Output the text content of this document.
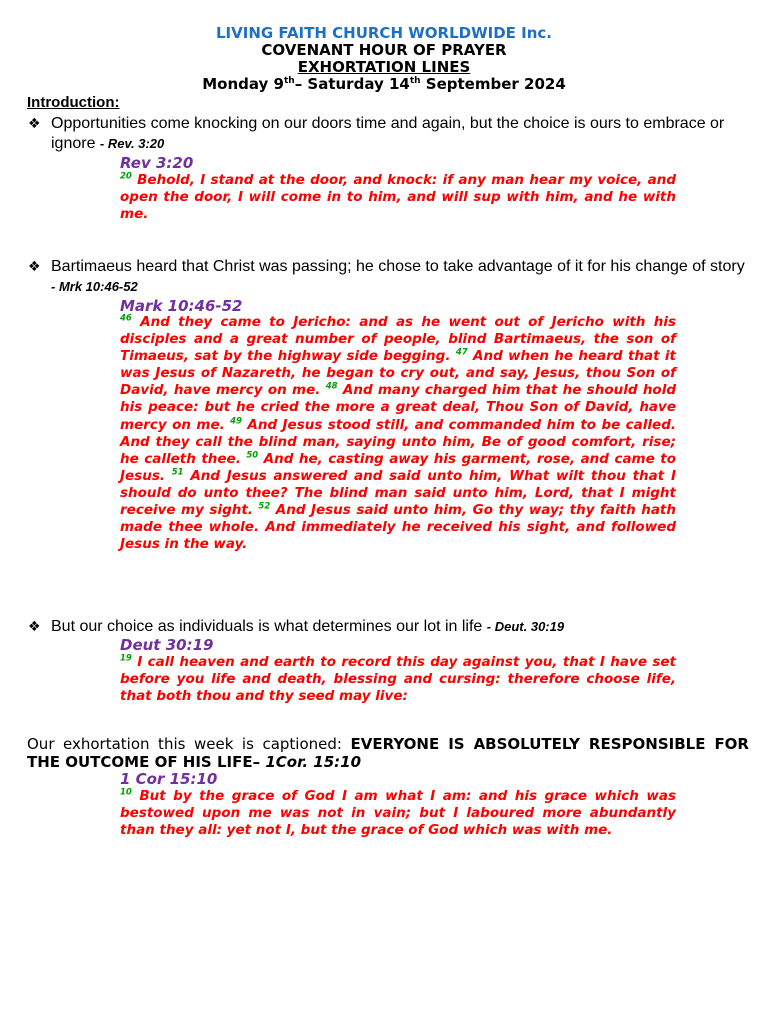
LIVING FAITH CHURCH WORLDWIDE Inc.
COVENANT HOUR OF PRAYER
EXHORTATION LINES
Monday 9th– Saturday 14th September 2024
Introduction:
❖ Opportunities come knocking on our doors time and again, but the choice is ours to embrace or ignore - Rev. 3:20
Rev 3:20
$^{20}$ Behold, I stand at the door, and knock: if any man hear my voice, and open the door, I will come in to him, and will sup with him, and he with me.
❖ Bartimaeus heard that Christ was passing; he chose to take advantage of it for his change of story - Mrk 10:46-52
Mark 10:46-52
$^{46}$ And they came to Jericho: and as he went out of Jericho with his disciples and a great number of people, blind Bartimaeus, the son of Timaeus, sat by the highway side begging. $^{47}$ And when he heard that it was Jesus of Nazareth, he began to cry out, and say, Jesus, thou Son of David, have mercy on me. $^{48}$ And many charged him that he should hold his peace: but he cried the more a great deal, Thou Son of David, have mercy on me. $^{49}$ And Jesus stood still, and commanded him to be called. And they call the blind man, saying unto him, Be of good comfort, rise; he calleth thee. $^{50}$ And he, casting away his garment, rose, and came to Jesus. $^{51}$ And Jesus answered and said unto him, What wilt thou that I should do unto thee? The blind man said unto him, Lord, that I might receive my sight. $^{52}$ And Jesus said unto him, Go thy way; thy faith hath made thee whole. And immediately he received his sight, and followed Jesus in the way.
❖ But our choice as individuals is what determines our lot in life - Deut. 30:19
Deut 30:19
$^{19}$ I call heaven and earth to record this day against you, that I have set before you life and death, blessing and cursing: therefore choose life, that both thou and thy seed may live:
Our exhortation this week is captioned: EVERYONE IS ABSOLUTELY RESPONSIBLE FOR THE OUTCOME OF HIS LIFE– 1Cor. 15:10
1 Cor 15:10
$^{10}$ But by the grace of God I am what I am: and his grace which was bestowed upon me was not in vain; but I laboured more abundantly than they all: yet not I, but the grace of God which was with me.
